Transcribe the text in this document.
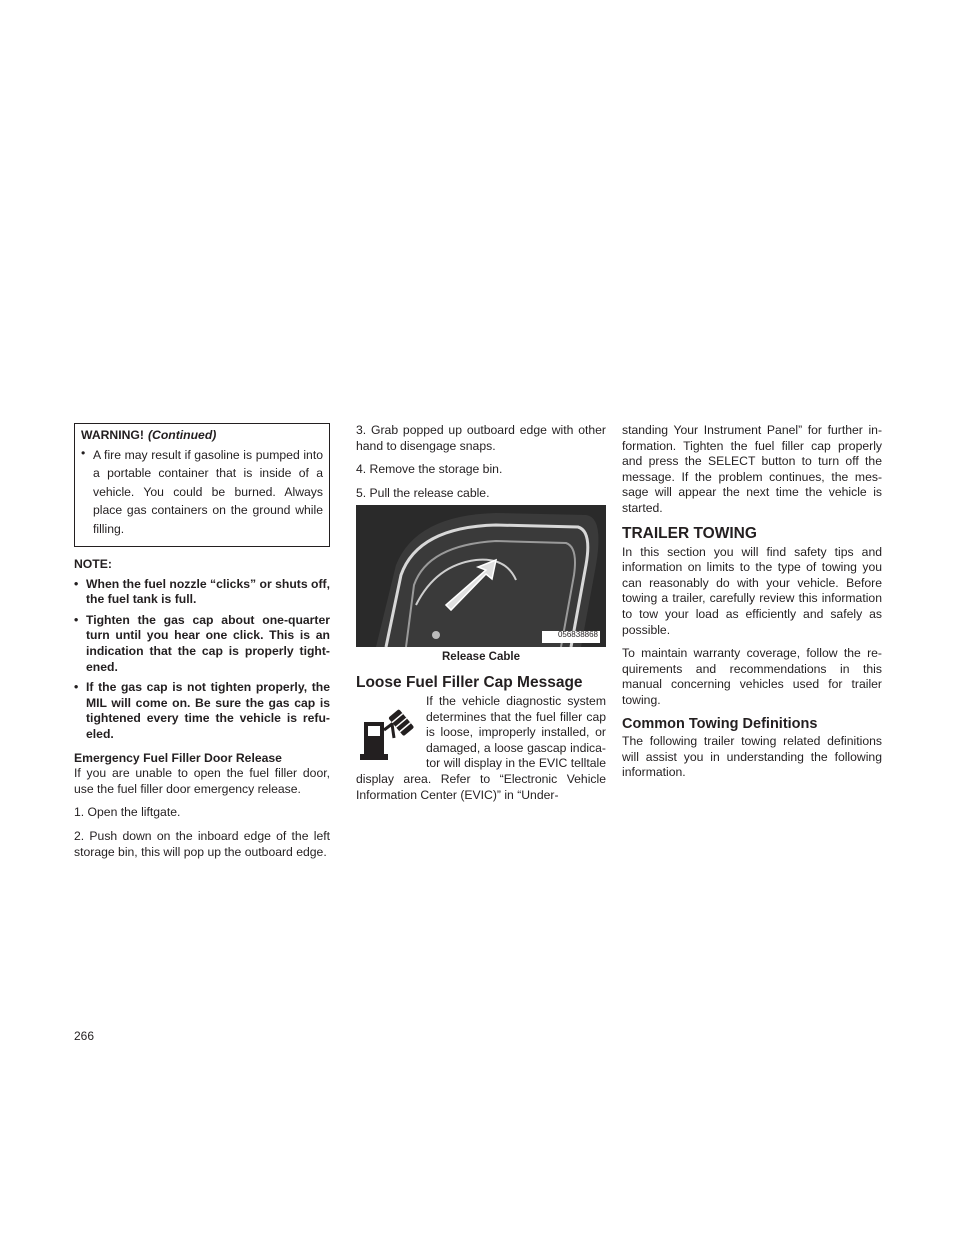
WARNING! (Continued)
• A fire may result if gasoline is pumped into a portable container that is inside of a vehicle. You could be burned. Always place gas containers on the ground while filling.
NOTE:
• When the fuel nozzle “clicks” or shuts off, the fuel tank is full.
• Tighten the gas cap about one-quarter turn until you hear one click. This is an indication that the cap is properly tight-ened.
• If the gas cap is not tighten properly, the MIL will come on. Be sure the gas cap is tightened every time the vehicle is refu-eled.
Emergency Fuel Filler Door Release

If you are unable to open the fuel filler door, use the fuel filler door emergency release.

1. Open the liftgate.

2. Push down on the inboard edge of the left storage bin, this will pop up the outboard edge.

3. Grab popped up outboard edge with other hand to disengage snaps.

4. Remove the storage bin.

5. Pull the release cable.

056838868
Release Cable
Loose Fuel Filler Cap Message

If the vehicle diagnostic system determines that the fuel filler cap is loose, improperly installed, or damaged, a loose gascap indica-tor will display in the EVIC telltale display area. Refer to “Electronic Vehicle Information Center (EVIC)” in “Under-

standing Your Instrument Panel” for further in-formation. Tighten the fuel filler cap properly and press the SELECT button to turn off the message. If the problem continues, the mes-sage will appear the next time the vehicle is started.

TRAILER TOWING

In this section you will find safety tips and information on limits to the type of towing you can reasonably do with your vehicle. Before towing a trailer, carefully review this information to tow your load as efficiently and safely as possible.

To maintain warranty coverage, follow the re-quirements and recommendations in this manual concerning vehicles used for trailer towing.

Common Towing Definitions

The following trailer towing related definitions will assist you in understanding the following information.

266
